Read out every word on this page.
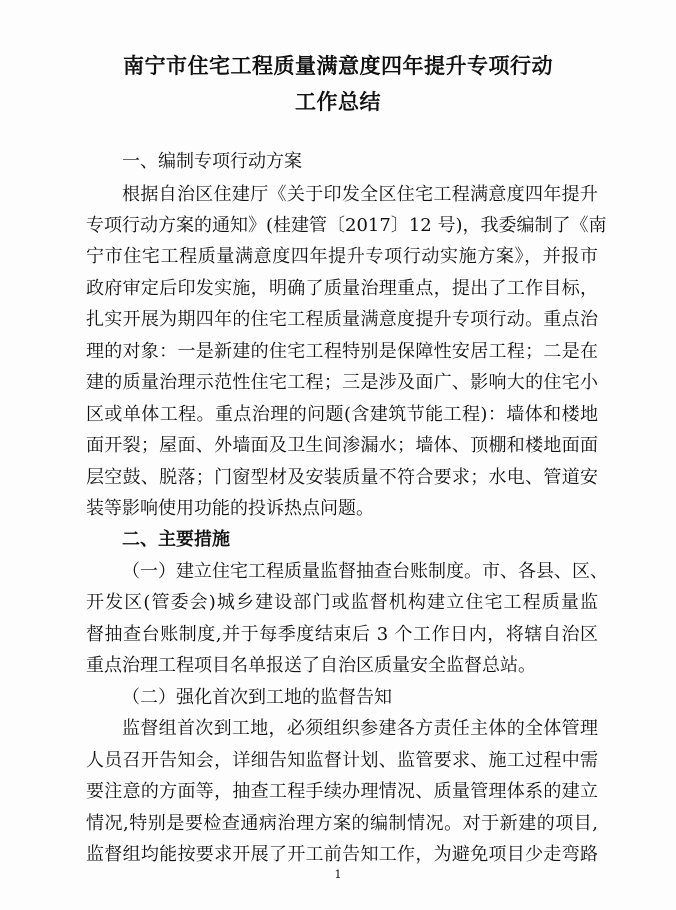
南宁市住宅工程质量满意度四年提升专项行动
工作总结
一、编制专项行动方案
根据自治区住建厅《关于印发全区住宅工程满意度四年提升
专项行动方案的通知》(桂建管〔2017〕12 号)，我委编制了《南
宁市住宅工程质量满意度四年提升专项行动实施方案》，并报市
政府审定后印发实施，明确了质量治理重点，提出了工作目标，
扎实开展为期四年的住宅工程质量满意度提升专项行动。重点治
理的对象：一是新建的住宅工程特别是保障性安居工程；二是在
建的质量治理示范性住宅工程；三是涉及面广、影响大的住宅小
区或单体工程。重点治理的问题(含建筑节能工程)：墙体和楼地
面开裂；屋面、外墙面及卫生间渗漏水；墙体、顶棚和楼地面面
层空鼓、脱落；门窗型材及安装质量不符合要求；水电、管道安
装等影响使用功能的投诉热点问题。
二、主要措施
（一）建立住宅工程质量监督抽查台账制度。市、各县、区、
开发区(管委会)城乡建设部门或监督机构建立住宅工程质量监
督抽查台账制度,并于每季度结束后 3 个工作日内，将辖自治区
重点治理工程项目名单报送了自治区质量安全监督总站。
（二）强化首次到工地的监督告知
监督组首次到工地，必须组织参建各方责任主体的全体管理
人员召开告知会，详细告知监督计划、监管要求、施工过程中需
要注意的方面等，抽查工程手续办理情况、质量管理体系的建立
情况,特别是要检查通病治理方案的编制情况。对于新建的项目,
监督组均能按要求开展了开工前告知工作，为避免项目少走弯路
1
